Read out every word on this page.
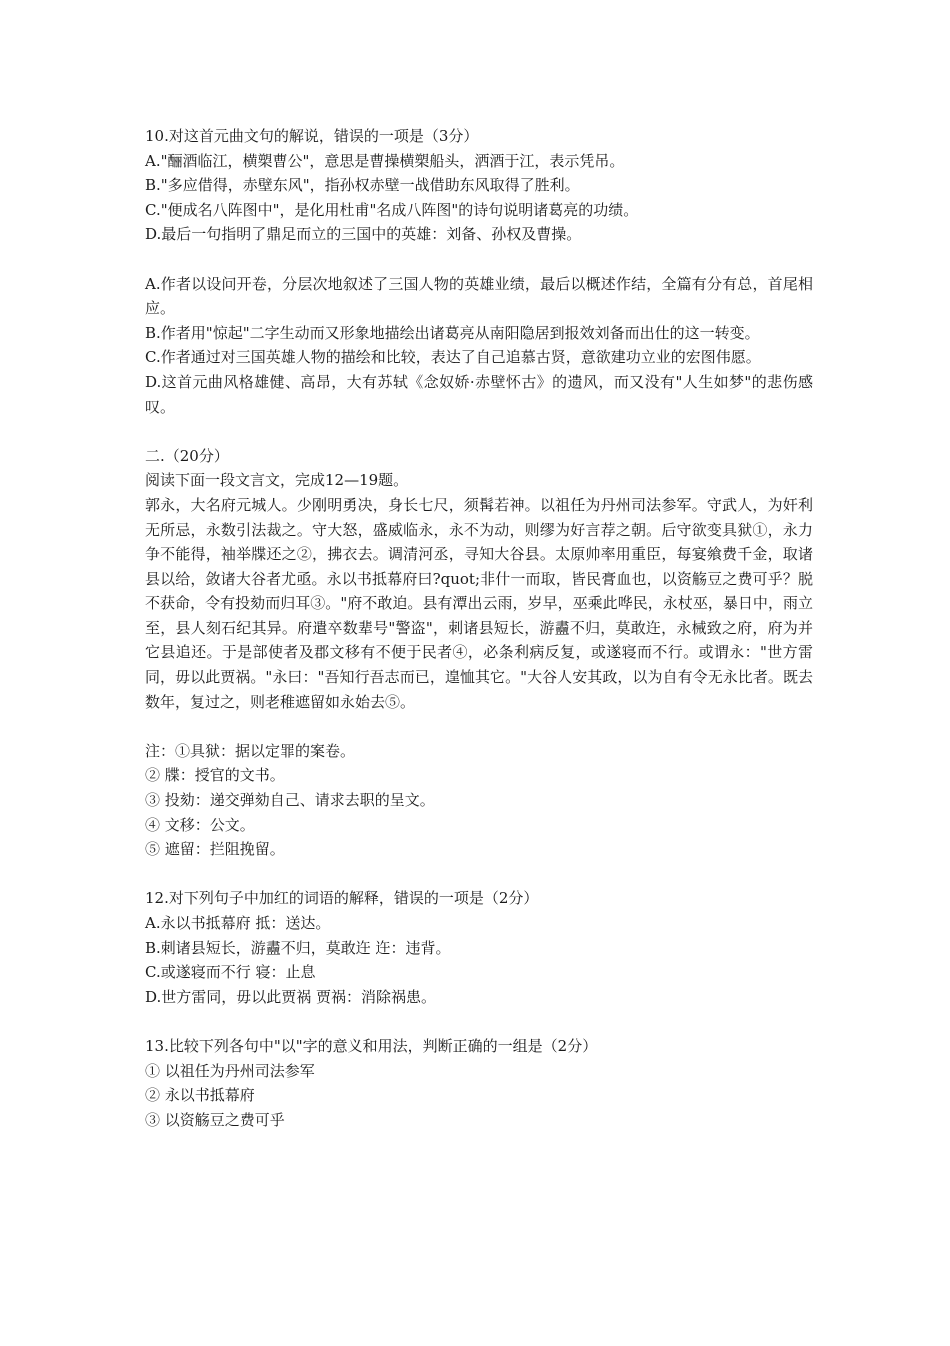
10.对这首元曲文句的解说，错误的一项是（3分）
A."酾酒临江，横槊曹公"，意思是曹操横槊船头，洒酒于江，表示凭吊。
B."多应借得，赤壁东风"，指孙权赤壁一战借助东风取得了胜利。
C."便成名八阵图中"，是化用杜甫"名成八阵图"的诗句说明诸葛亮的功绩。
D.最后一句指明了鼎足而立的三国中的英雄：刘备、孙权及曹操。
A.作者以设问开卷，分层次地叙述了三国人物的英雄业绩，最后以概述作结，全篇有分有总，首尾相应。
B.作者用"惊起"二字生动而又形象地描绘出诸葛亮从南阳隐居到报效刘备而出仕的这一转变。
C.作者通过对三国英雄人物的描绘和比较，表达了自己追慕古贤，意欲建功立业的宏图伟愿。
D.这首元曲风格雄健、高昂，大有苏轼《念奴娇·赤壁怀古》的遗风，而又没有"人生如梦"的悲伤感叹。
二.（20分）
阅读下面一段文言文，完成12—19题。
郭永，大名府元城人。少刚明勇决，身长七尺，须髯若神。以祖任为丹州司法参军。守武人，为奸利无所忌，永数引法裁之。守大怒，盛威临永，永不为动，则缪为好言荐之朝。后守欲变具狱①，永力争不能得，袖举牒还之②，拂衣去。调清河丞，寻知大谷县。太原帅率用重臣，每宴飨费千金，取诸县以给，敛诸大谷者尤亟。永以书抵幕府曰?quot;非什一而取，皆民膏血也，以资觞豆之费可乎？脱不获命，令有投劾而归耳③。"府不敢迫。县有潭出云雨，岁早，巫乘此哗民，永杖巫，暴日中，雨立至，县人刻石纪其异。府遣卒数辈号"警盗"，刺诸县短长，游衋不归，莫敢迕，永械致之府，府为并它县追还。于是部使者及郡文移有不便于民者④，必条利病反复，或遂寝而不行。或谓永："世方雷同，毋以此贾祸。"永曰："吾知行吾志而已，遑恤其它。"大谷人安其政，以为自有令无永比者。既去数年，复过之，则老稚遮留如永始去⑤。
注：①具狱：据以定罪的案卷。
② 牒：授官的文书。
③ 投劾：递交弹劾自己、请求去职的呈文。
④ 文移：公文。
⑤ 遮留：拦阻挽留。
12.对下列句子中加红的词语的解释，错误的一项是（2分）
A.永以书抵幕府 抵：送达。
B.刺诸县短长，游衋不归，莫敢迕 迕：违背。
C.或遂寝而不行 寝：止息
D.世方雷同，毋以此贾祸 贾祸：消除祸患。
13.比较下列各句中"以"字的意义和用法，判断正确的一组是（2分）
① 以祖任为丹州司法参军
② 永以书抵幕府
③ 以资觞豆之费可乎
